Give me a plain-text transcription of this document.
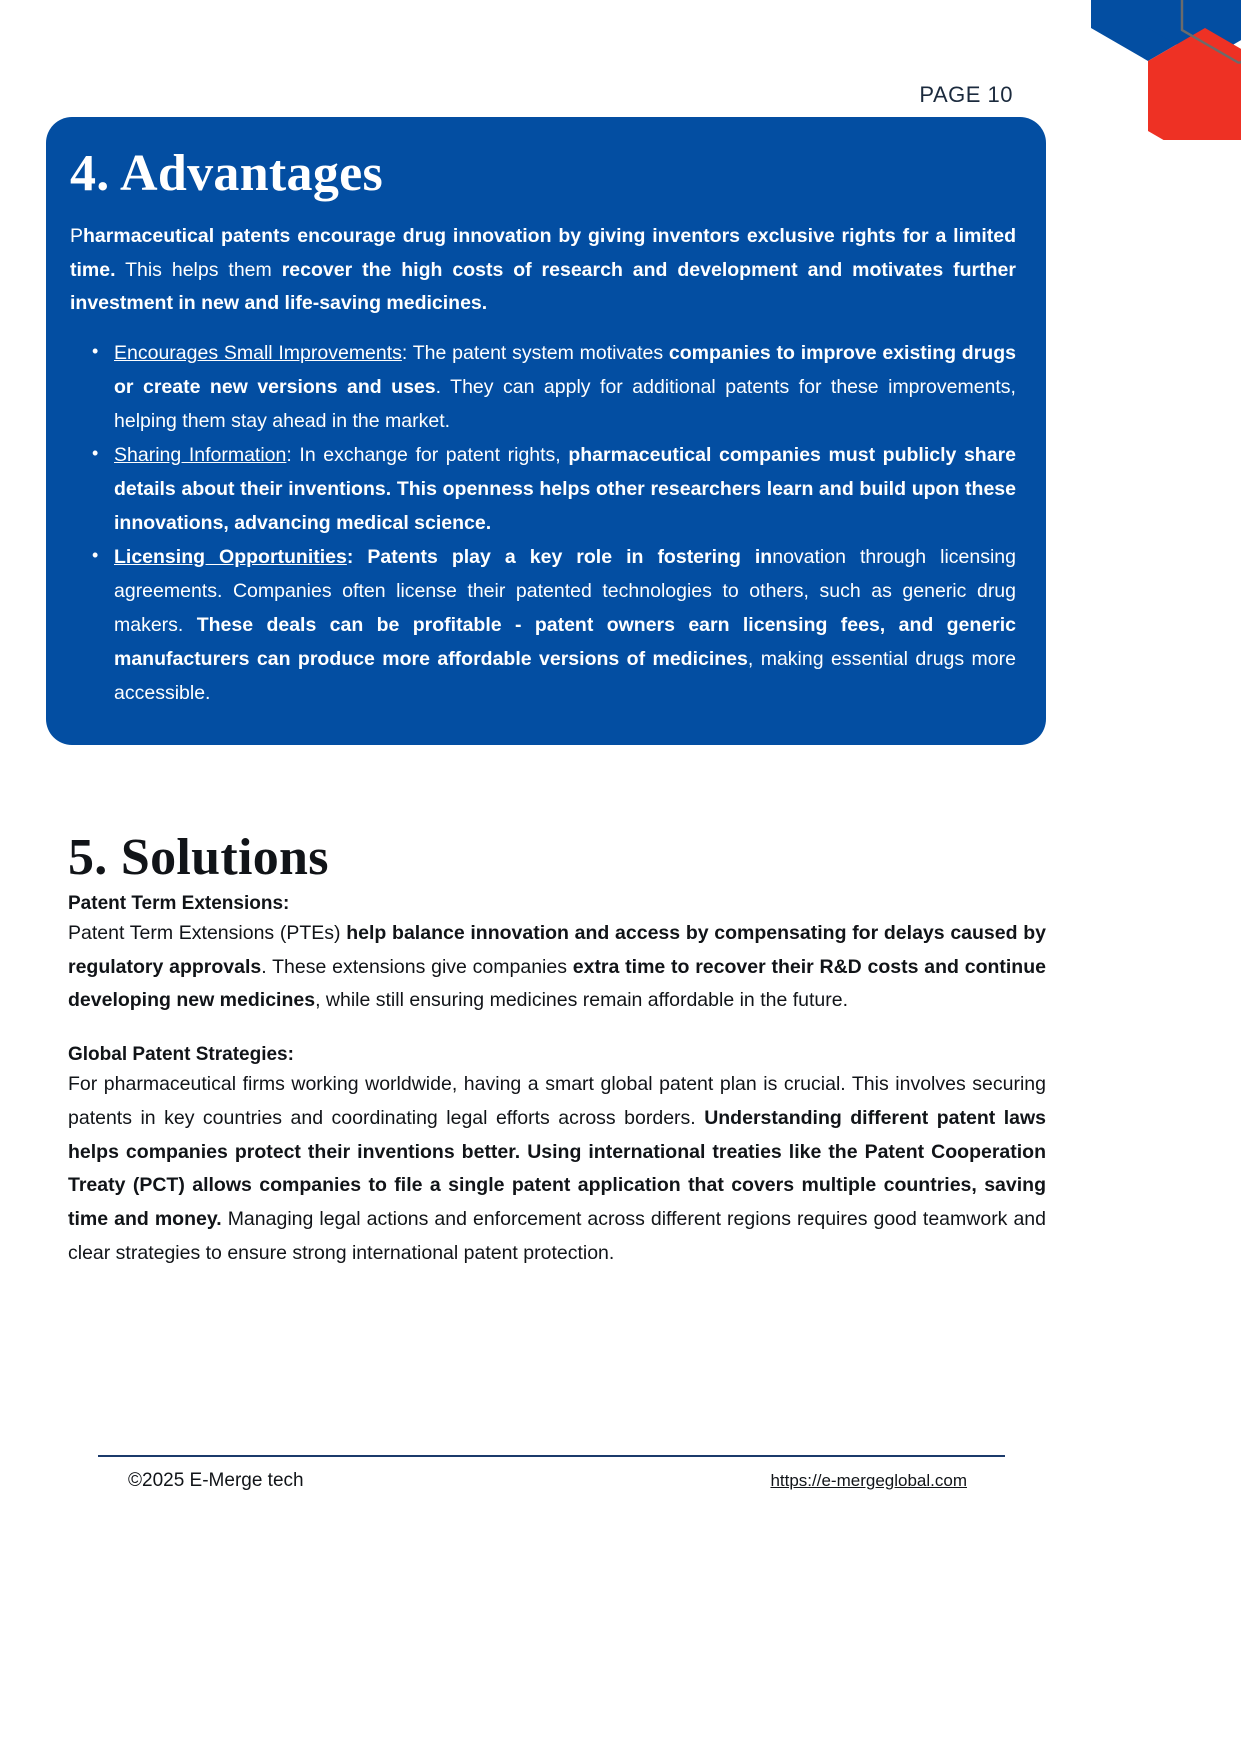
PAGE 10
4. Advantages

Pharmaceutical patents encourage drug innovation by giving inventors exclusive rights for a limited time. This helps them recover the high costs of research and development and motivates further investment in new and life-saving medicines.

• Encourages Small Improvements: The patent system motivates companies to improve existing drugs or create new versions and uses. They can apply for additional patents for these improvements, helping them stay ahead in the market.
• Sharing Information: In exchange for patent rights, pharmaceutical companies must publicly share details about their inventions. This openness helps other researchers learn and build upon these innovations, advancing medical science.
• Licensing Opportunities: Patents play a key role in fostering innovation through licensing agreements. Companies often license their patented technologies to others, such as generic drug makers. These deals can be profitable - patent owners earn licensing fees, and generic manufacturers can produce more affordable versions of medicines, making essential drugs more accessible.
5. Solutions

Patent Term Extensions:

Patent Term Extensions (PTEs) help balance innovation and access by compensating for delays caused by regulatory approvals. These extensions give companies extra time to recover their R&D costs and continue developing new medicines, while still ensuring medicines remain affordable in the future.

Global Patent Strategies:

For pharmaceutical firms working worldwide, having a smart global patent plan is crucial. This involves securing patents in key countries and coordinating legal efforts across borders. Understanding different patent laws helps companies protect their inventions better. Using international treaties like the Patent Cooperation Treaty (PCT) allows companies to file a single patent application that covers multiple countries, saving time and money. Managing legal actions and enforcement across different regions requires good teamwork and clear strategies to ensure strong international patent protection.

©2025 E-Merge tech	https://e-mergeglobal.com
